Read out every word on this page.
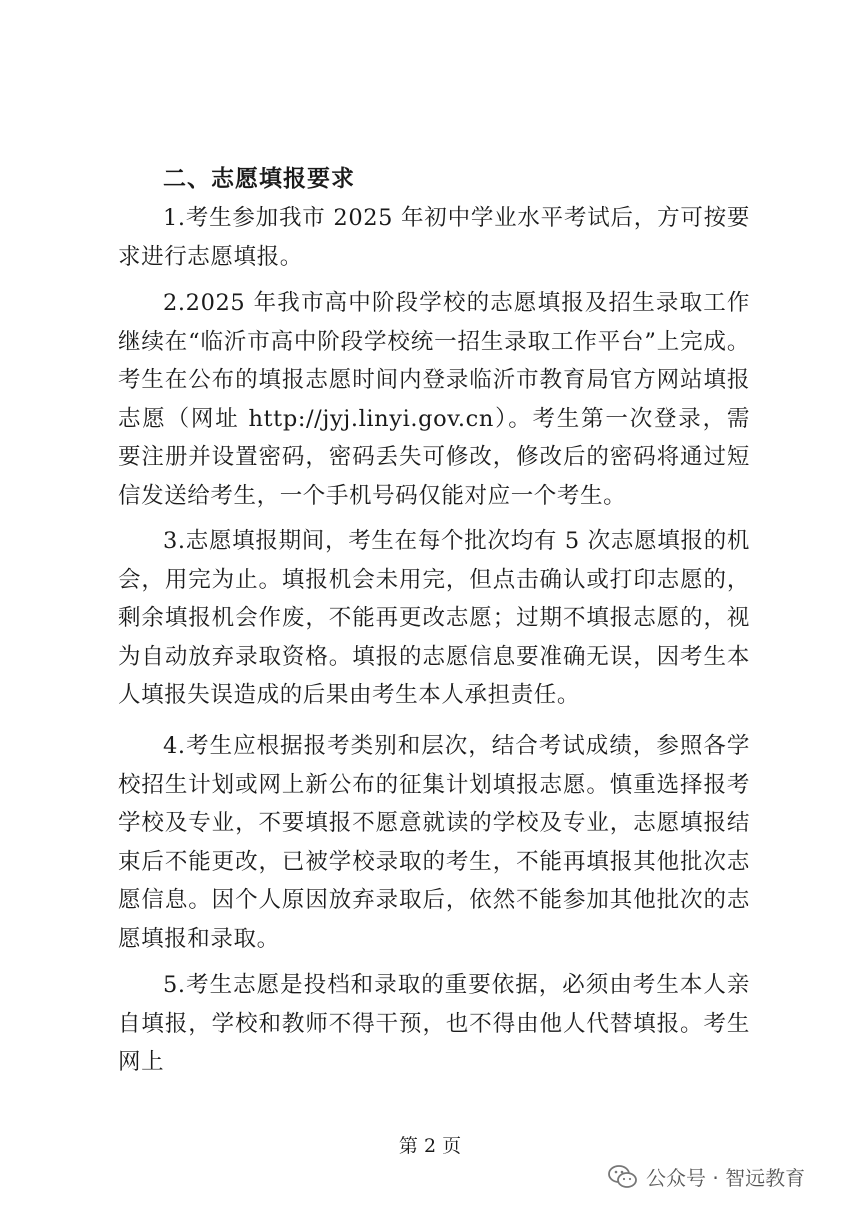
二、志愿填报要求
1.考生参加我市 2025 年初中学业水平考试后，方可按要求进行志愿填报。
2.2025 年我市高中阶段学校的志愿填报及招生录取工作继续在“临沂市高中阶段学校统一招生录取工作平台”上完成。考生在公布的填报志愿时间内登录临沂市教育局官方网站填报志愿（网址 http://jyj.linyi.gov.cn）。考生第一次登录，需要注册并设置密码，密码丢失可修改，修改后的密码将通过短信发送给考生，一个手机号码仅能对应一个考生。
3.志愿填报期间，考生在每个批次均有 5 次志愿填报的机会，用完为止。填报机会未用完，但点击确认或打印志愿的，剩余填报机会作废，不能再更改志愿；过期不填报志愿的，视为自动放弃录取资格。填报的志愿信息要准确无误，因考生本人填报失误造成的后果由考生本人承担责任。
4.考生应根据报考类别和层次，结合考试成绩，参照各学校招生计划或网上新公布的征集计划填报志愿。慎重选择报考学校及专业，不要填报不愿意就读的学校及专业，志愿填报结束后不能更改，已被学校录取的考生，不能再填报其他批次志愿信息。因个人原因放弃录取后，依然不能参加其他批次的志愿填报和录取。
5.考生志愿是投档和录取的重要依据，必须由考生本人亲自填报，学校和教师不得干预，也不得由他人代替填报。考生网上
第 2 页
公众号 · 智远教育
